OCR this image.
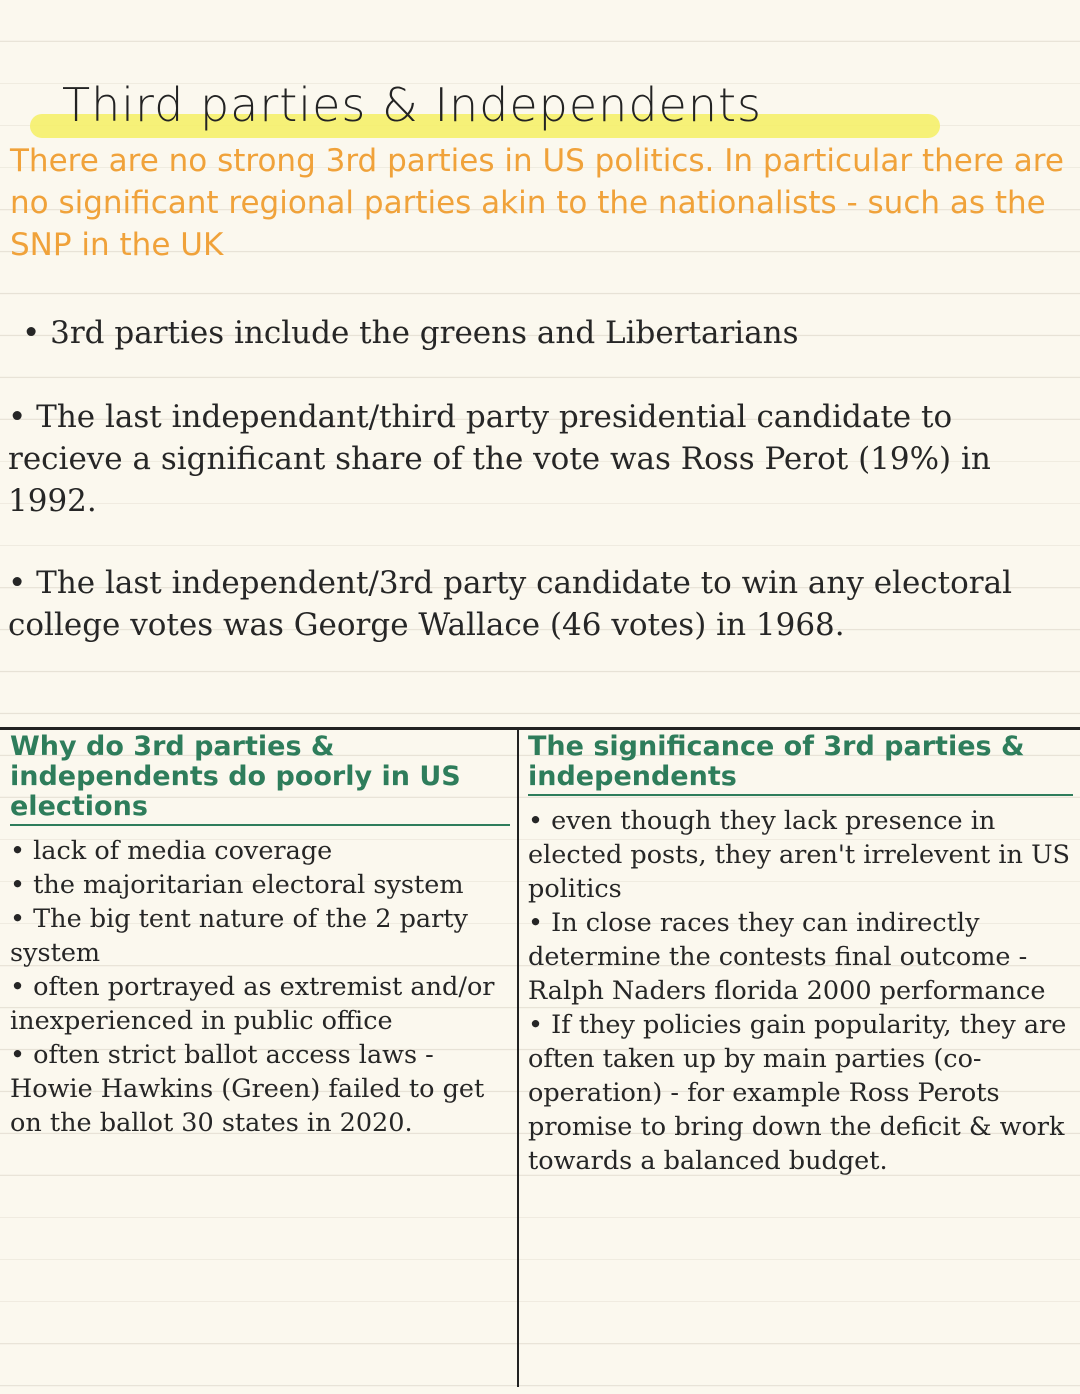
Third parties & Independents

There are no strong 3rd parties in US politics. In particular there are no significant regional parties akin to the nationalists - such as the SNP in the UK

• 3rd parties include the greens and Libertarians

• The last independant/third party presidential candidate to recieve a significant share of the vote was Ross Perot (19%) in 1992.

• The last independent/3rd party candidate to win any electoral college votes was George Wallace (46 votes) in 1968.

Why do 3rd parties & independents do poorly in US elections
• lack of media coverage
• the majoritarian electoral system
• The big tent nature of the 2 party system
• often portrayed as extremist and/or inexperienced in public office
• often strict ballot access laws - Howie Hawkins (Green) failed to get on the ballot 30 states in 2020.
The significance of 3rd parties & independents
• even though they lack presence in elected posts, they aren't irrelevent in US politics
• In close races they can indirectly determine the contests final outcome - Ralph Naders florida 2000 performance
• If they policies gain popularity, they are often taken up by main parties (co-operation) - for example Ross Perots promise to bring down the deficit & work towards a balanced budget.
